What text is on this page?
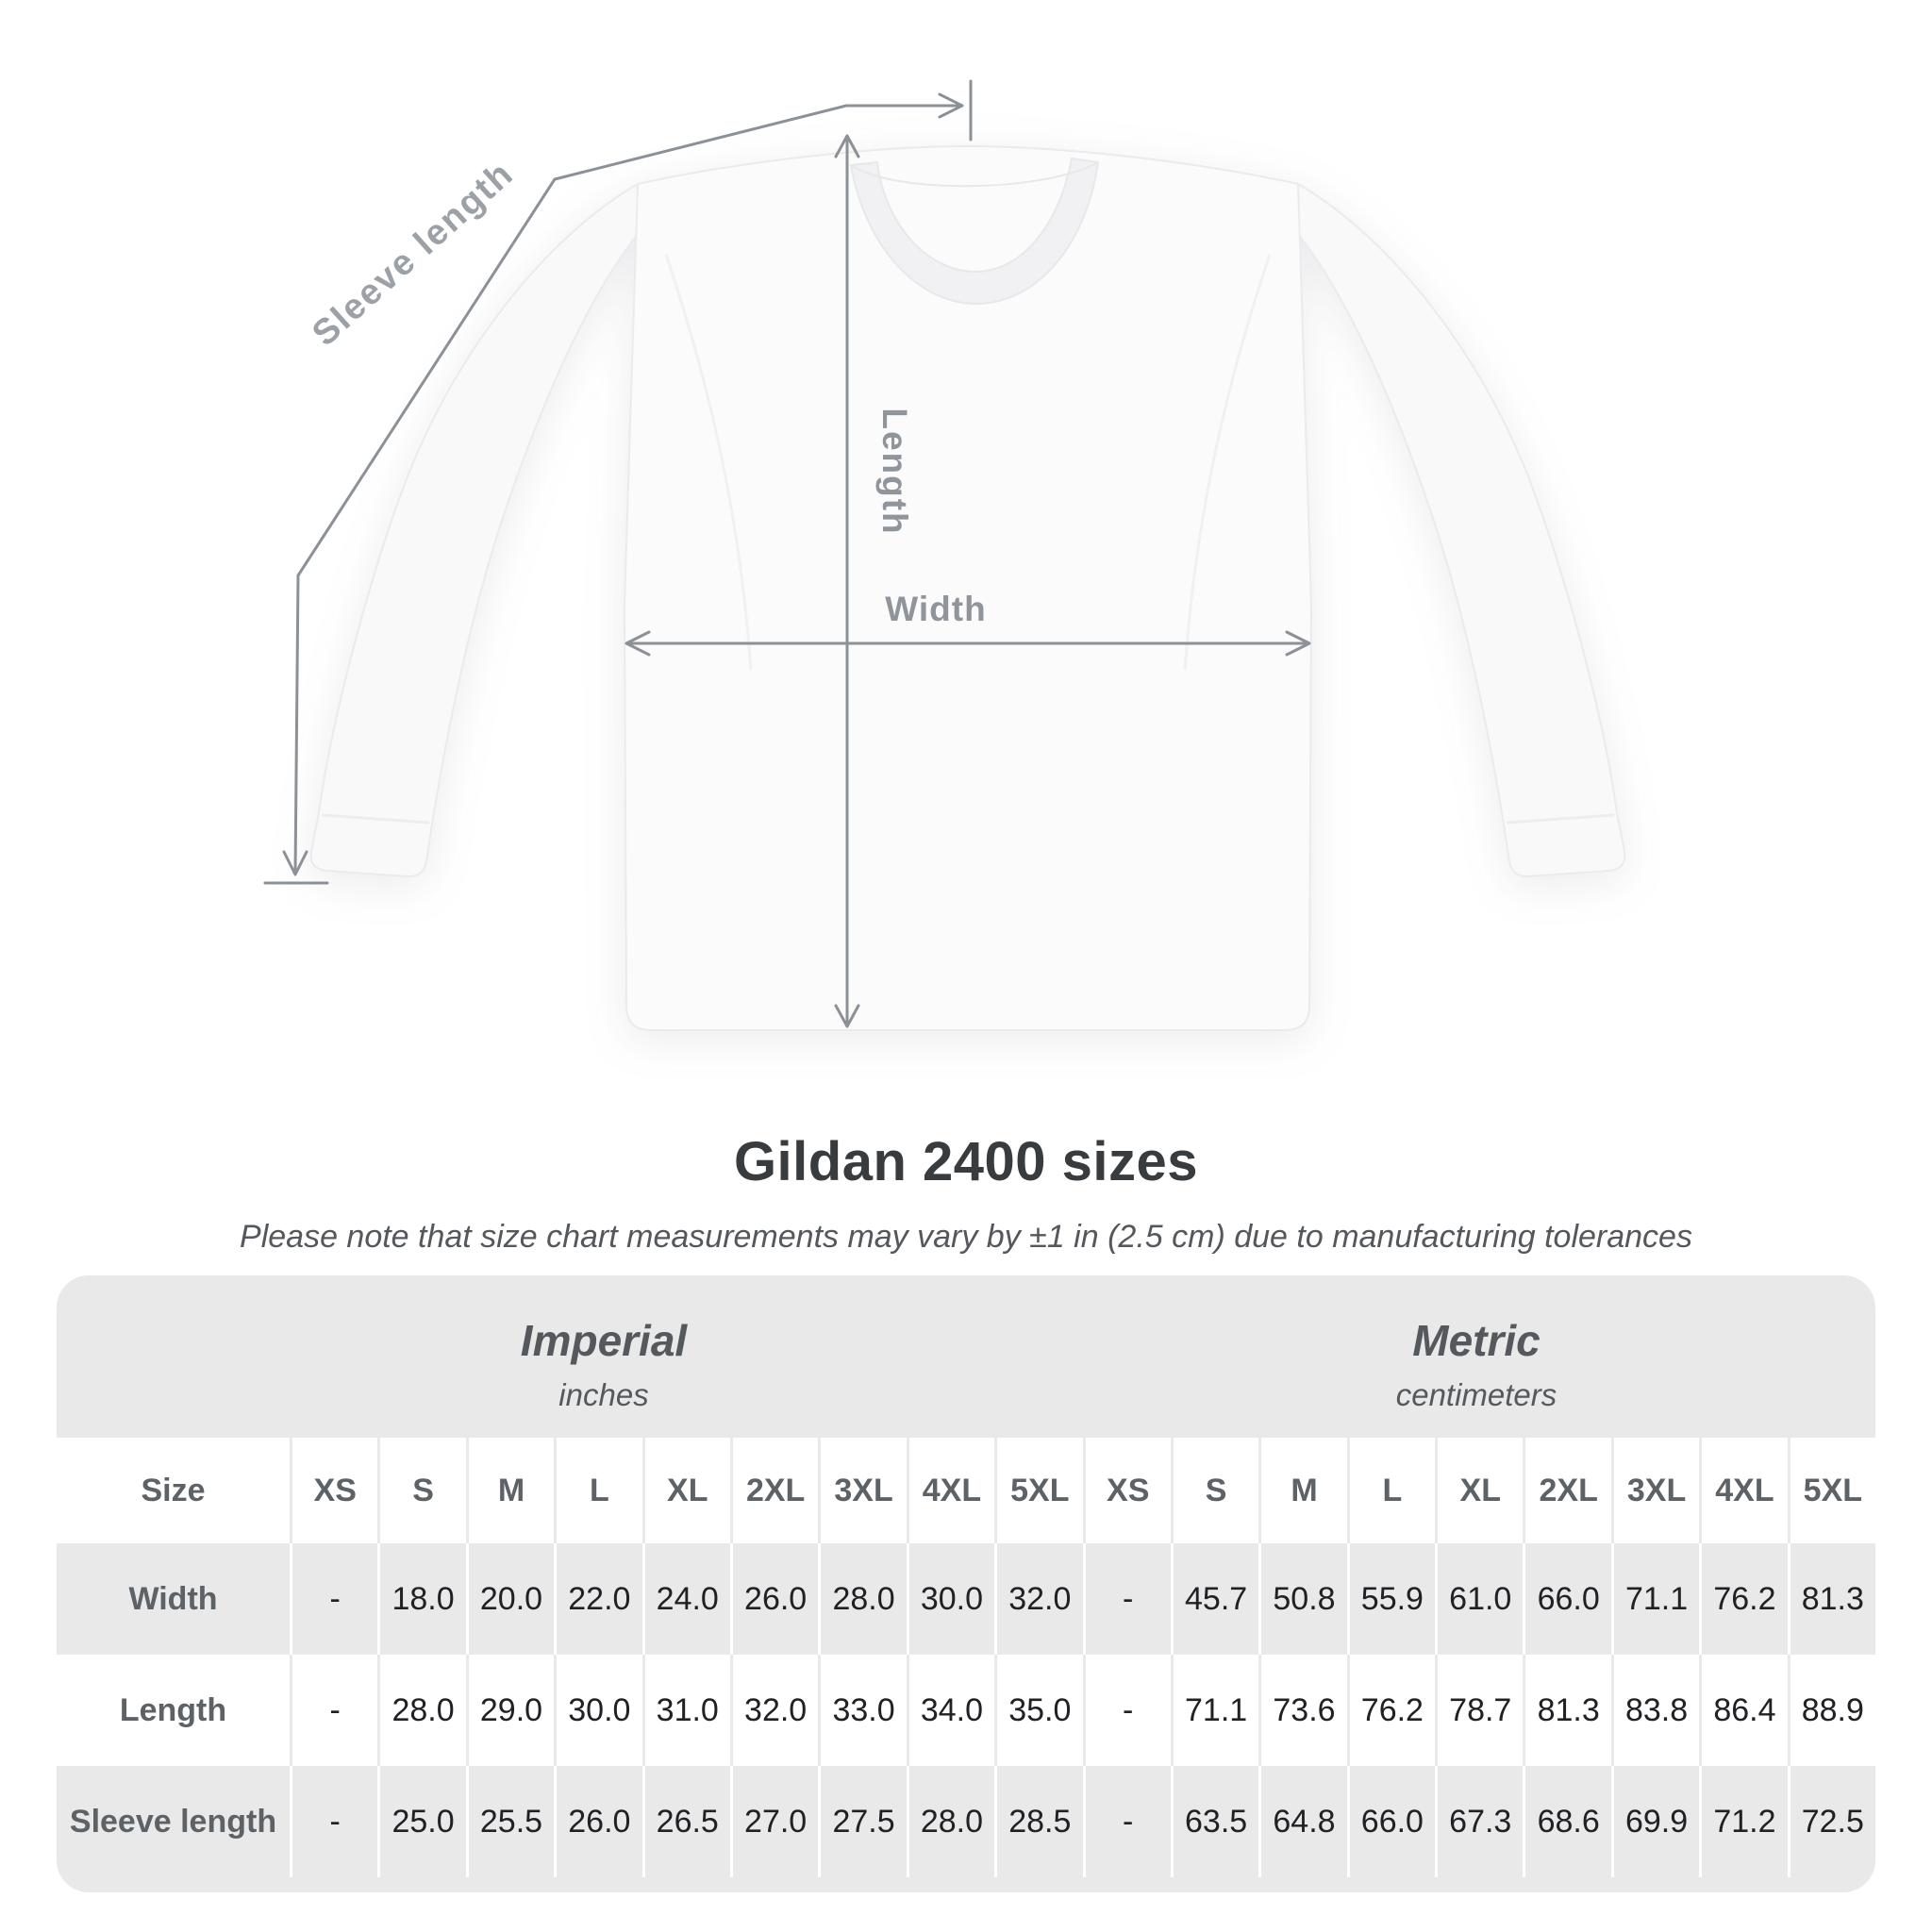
Sleeve length
Length
Width
Gildan 2400 sizes
Please note that size chart measurements may vary by ±1 in (2.5 cm) due to manufacturing tolerances
Imperial
inches
Metric
centimeters
Size	XS	S	M	L	XL	2XL 3XL 4XL 5XL	XS	S	M	L	XL	2XL 3XL 4XL 5XL
Width	-	18.0 20.0 22.0 24.0 26.0 28.0 30.0 32.0	-	45.7 50.8 55.9 61.0 66.0 71.1 76.2 81.3
Length	-	28.0 29.0 30.0 31.0 32.0 33.0 34.0 35.0	-	71.1 73.6 76.2 78.7 81.3 83.8 86.4 88.9
Sleeve length	-	25.0 25.5 26.0 26.5 27.0 27.5 28.0 28.5	-	63.5 64.8 66.0 67.3 68.6 69.9 71.2 72.5
